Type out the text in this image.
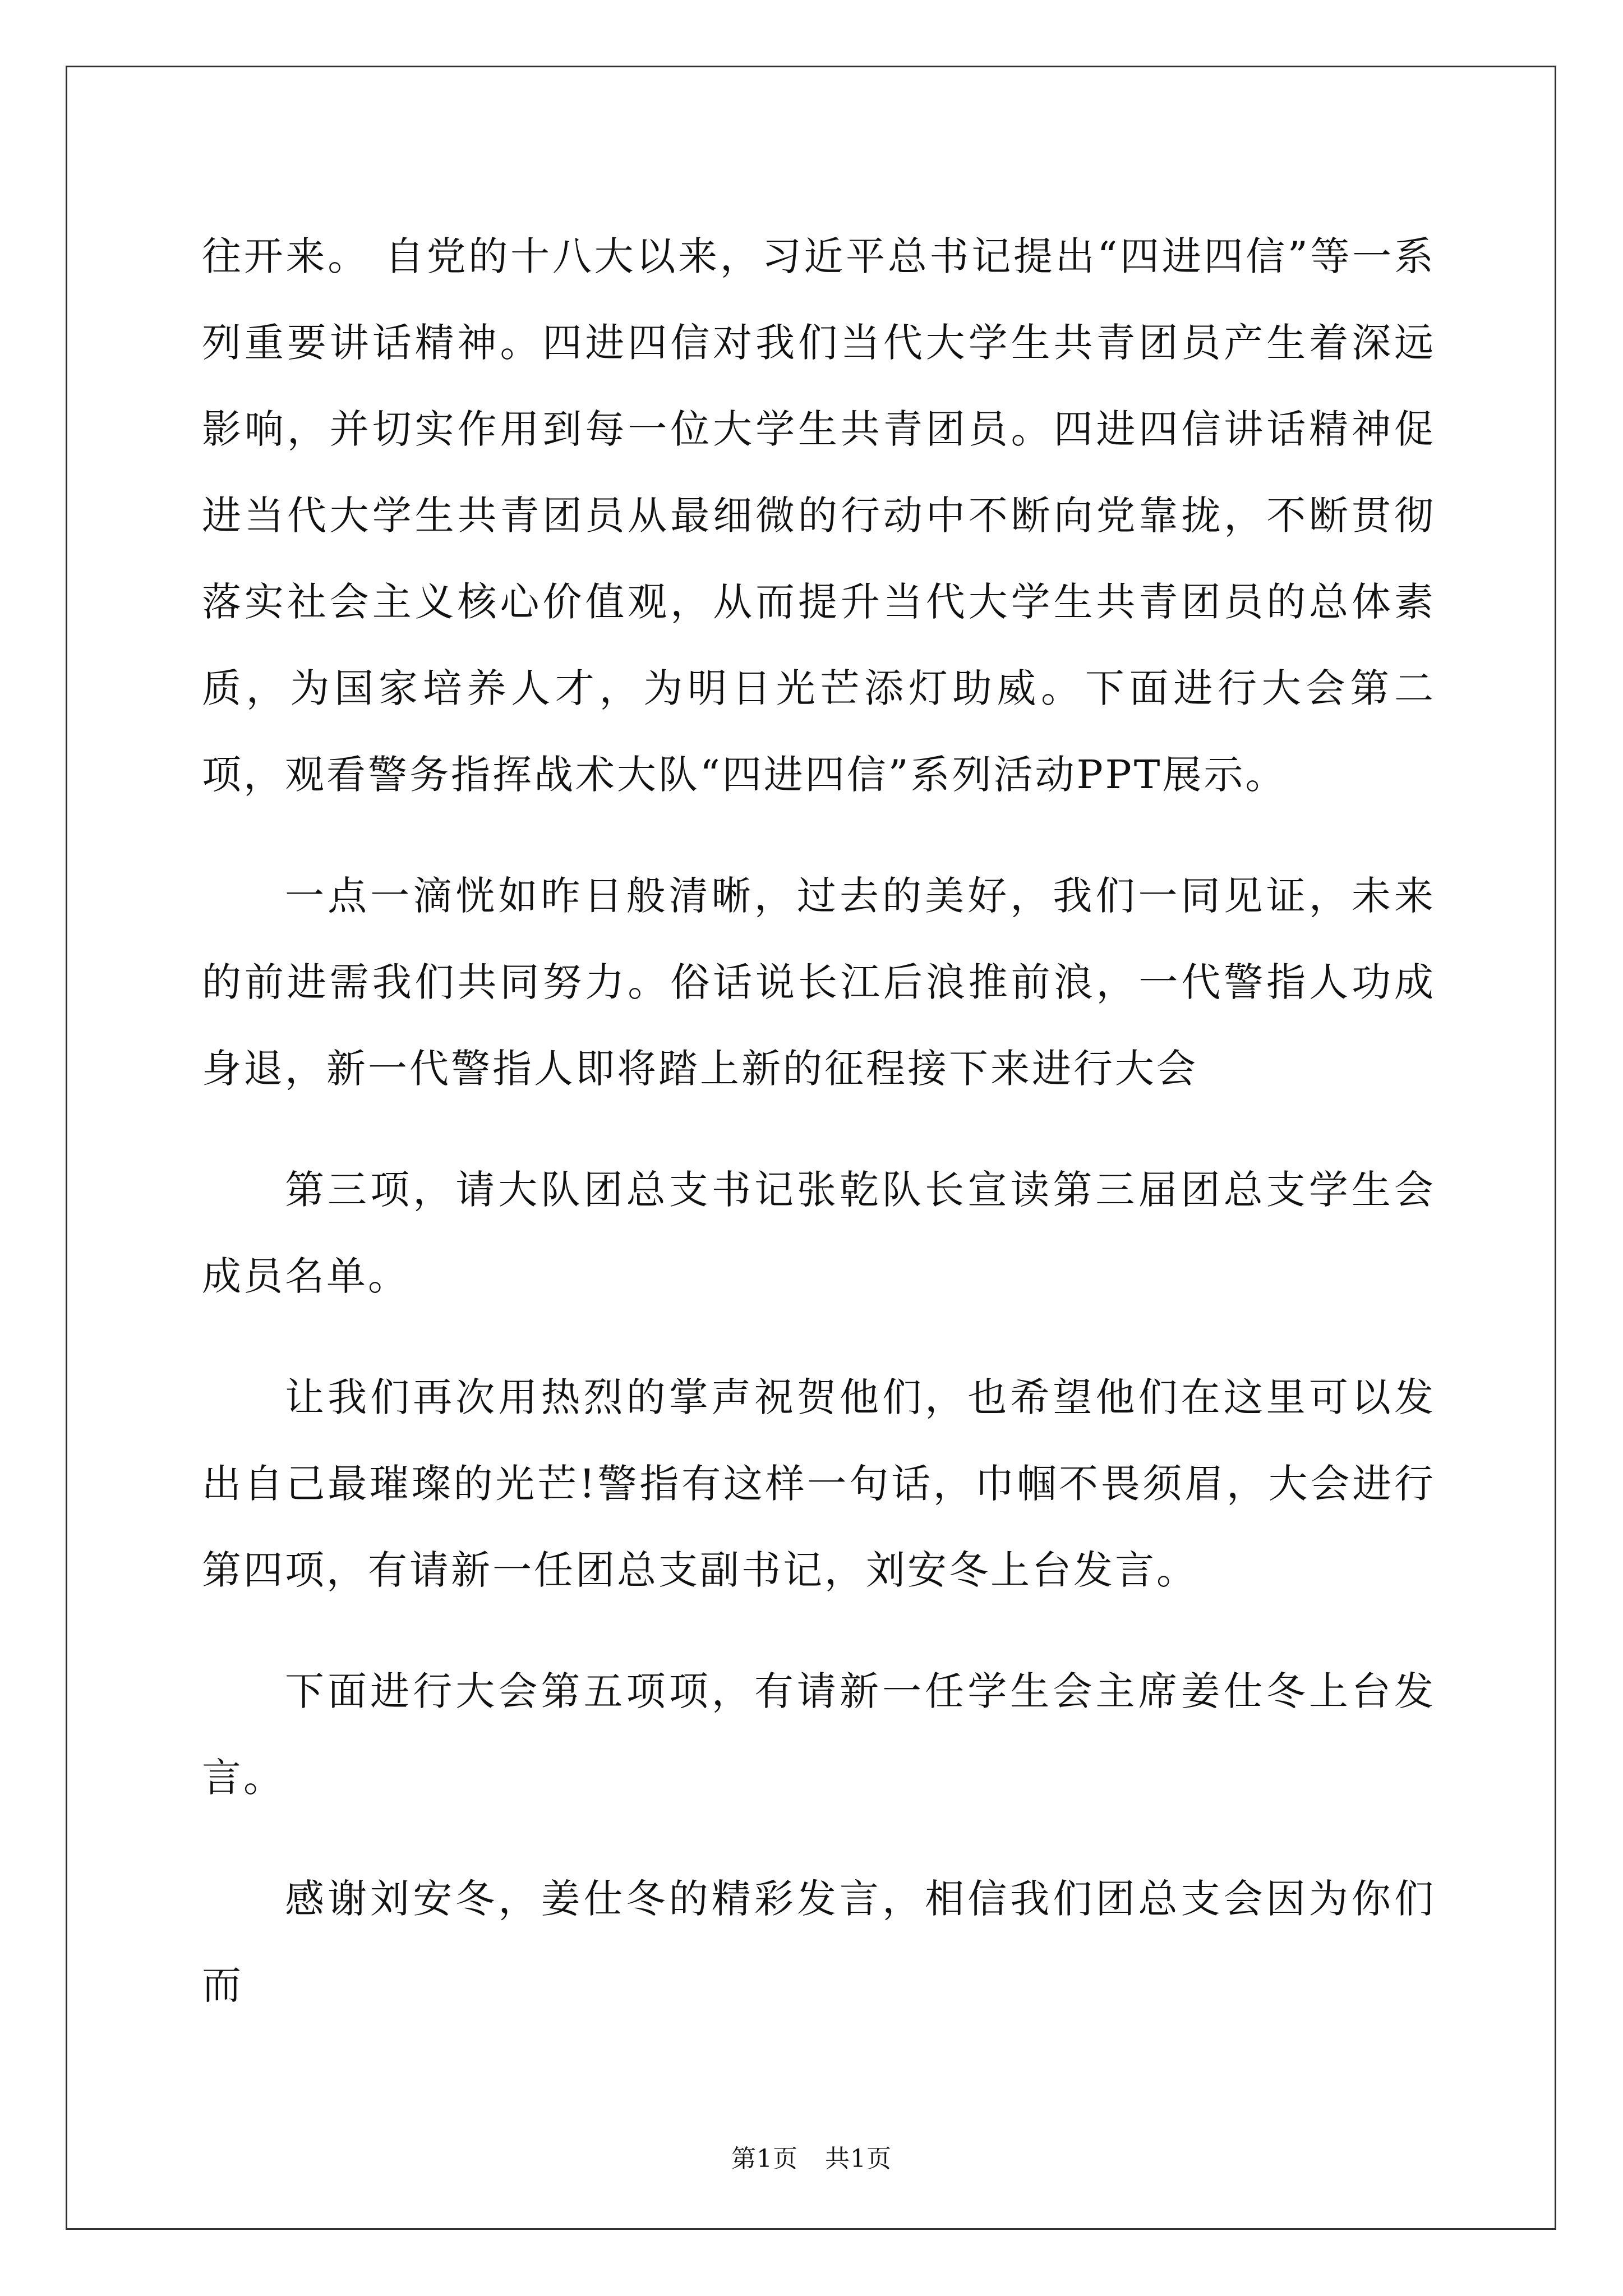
往开来。 自党的十八大以来，习近平总书记提出“四进四信”等一系列重要讲话精神。四进四信对我们当代大学生共青团员产生着深远影响，并切实作用到每一位大学生共青团员。四进四信讲话精神促进当代大学生共青团员从最细微的行动中不断向党靠拢，不断贯彻落实社会主义核心价值观，从而提升当代大学生共青团员的总体素质，为国家培养人才，为明日光芒添灯助威。下面进行大会第二项，观看警务指挥战术大队“四进四信”系列活动PPT展示。

一点一滴恍如昨日般清晰，过去的美好，我们一同见证，未来的前进需我们共同努力。俗话说长江后浪推前浪，一代警指人功成身退，新一代警指人即将踏上新的征程接下来进行大会

第三项，请大队团总支书记张乾队长宣读第三届团总支学生会成员名单。

让我们再次用热烈的掌声祝贺他们，也希望他们在这里可以发出自己最璀璨的光芒!警指有这样一句话，巾帼不畏须眉，大会进行第四项，有请新一任团总支副书记，刘安冬上台发言。

下面进行大会第五项项，有请新一任学生会主席姜仕冬上台发言。

感谢刘安冬，姜仕冬的精彩发言，相信我们团总支会因为你们而

第1页 共1页
